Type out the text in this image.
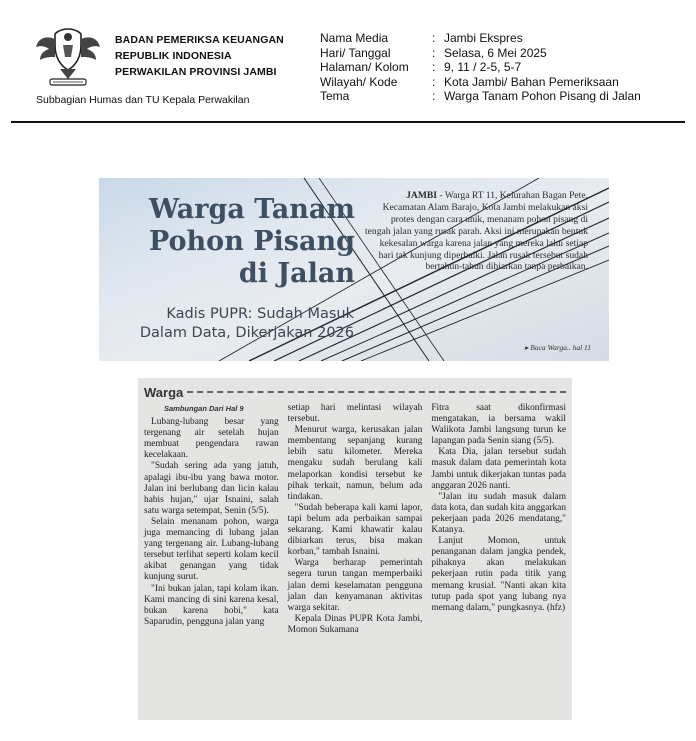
BADAN PEMERIKSA KEUANGAN
REPUBLIK INDONESIA
PERWAKILAN PROVINSI JAMBI
Subbagian Humas dan TU Kepala Perwakilan
Nama Media	: Jambi Ekspres
Hari/ Tanggal	: Selasa, 6 Mei 2025
Halaman/ Kolom	: 9, 11 / 2-5, 5-7
Wilayah/ Kode	: Kota Jambi/ Bahan Pemeriksaan
Tema	: Warga Tanam Pohon Pisang di Jalan
Warga Tanam
Pohon Pisang
di Jalan
Kadis PUPR: Sudah Masuk
Dalam Data, Dikerjakan 2026
JAMBI - Warga RT 11, Kelurahan Bagan Pete, Kecamatan Alam Barajo, Kota Jambi melakukan aksi protes dengan cara unik, menanam pohon pisang di tengah jalan yang rusak parah. Aksi ini merupakan bentuk kekesalan warga karena jalan yang mereka lalui setiap hari tak kunjung diperbaiki. Jalan rusak tersebut sudah bertahun-tahun dibiarkan tanpa perbaikan.
▸ Baca Warga.. hal 11
Warga

Sambungan Dari Hal 9

Lubang-lubang besar yang tergenang air setelah hujan membuat pengendara rawan kecelakaan.

"Sudah sering ada yang jatuh, apalagi ibu-ibu yang bawa motor. Jalan ini berlubang dan licin kalau habis hujan," ujar Isnaini, salah satu warga setempat, Senin (5/5).

Selain menanam pohon, warga juga memancing di lubang jalan yang tergenang air. Lubang-lubang tersebut terlihat seperti kolam kecil akibat genangan yang tidak kunjung surut.

"Ini bukan jalan, tapi kolam ikan. Kami mancing di sini karena kesal, bukan karena hobi," kata Saparudin, pengguna jalan yang

setiap hari melintasi wilayah tersebut.

Menurut warga, kerusakan jalan membentang sepanjang kurang lebih satu kilometer. Mereka mengaku sudah berulang kali melaporkan kondisi tersebut ke pihak terkait, namun, belum ada tindakan.

"Sudah beberapa kali kami lapor, tapi belum ada perbaikan sampai sekarang. Kami khawatir kalau dibiarkan terus, bisa makan korban," tambah Isnaini.

Warga berharap pemerintah segera turun tangan memperbaiki jalan demi keselamatan pengguna jalan dan kenyamanan aktivitas warga sekitar.

Kepala Dinas PUPR Kota Jambi, Momon Sukamana

Fitra saat dikonfirmasi mengatakan, ia bersama wakil Walikota Jambi langsung turun ke lapangan pada Senin siang (5/5).

Kata Dia, jalan tersebut sudah masuk dalam data pemerintah kota Jambi untuk dikerjakan tuntas pada anggaran 2026 nanti.

"Jalan itu sudah masuk dalam data kota, dan sudah kita anggarkan pekerjaan pada 2026 mendatang," Katanya.

Lanjut Momon, untuk penanganan dalam jangka pendek, pihaknya akan melakukan pekerjaan rutin pada titik yang memang krusial. "Nanti akan kita tutup pada spot yang lubang nya memang dalam," pungkasnya. (hfz)
